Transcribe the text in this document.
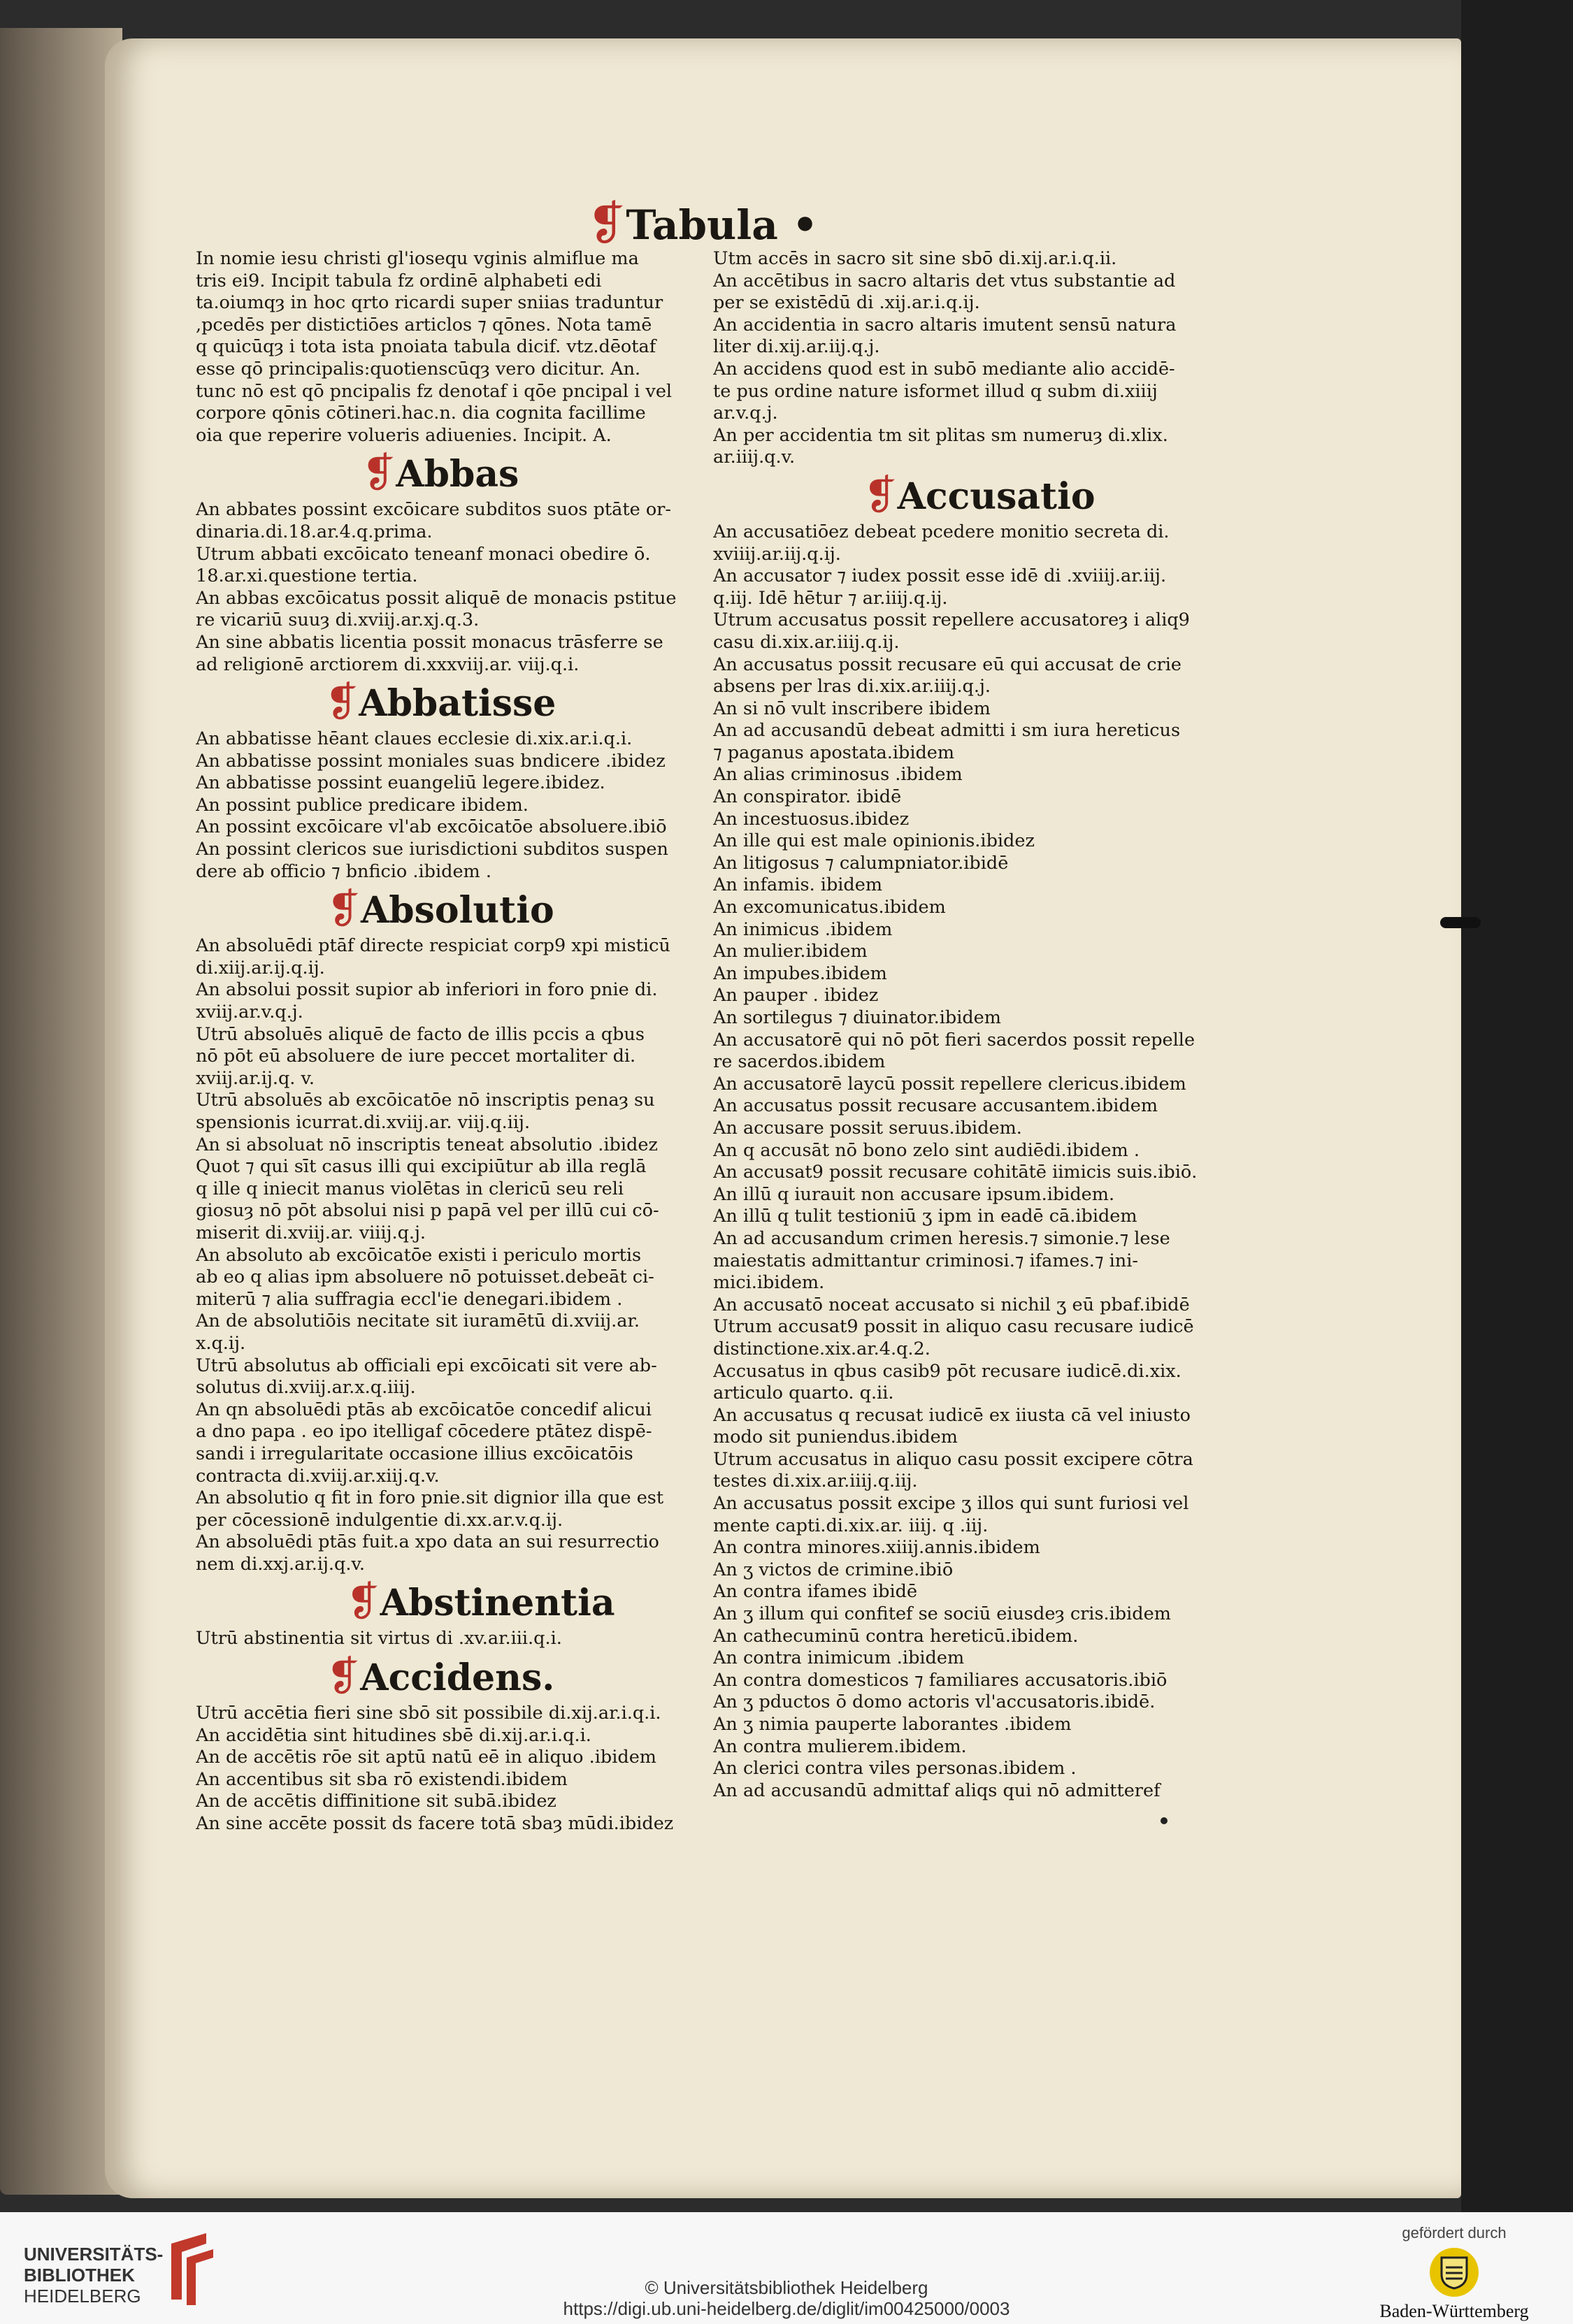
❡Tabula •
In nomie iesu christi gl'iosequ vginis almiflue ma
tris ei9. Incipit tabula fz ordinē alphabeti edi
ta.oiumqȝ in hoc qrto ricardi super sniias traduntur
,pcedēs per distictiōes articlos ⁊ qōnes. Nota tamē
q quicūqȝ i tota ista pnoiata tabula dicif. vtz.dēotaf
esse qō principalis:quotienscūqȝ vero dicitur. An.
tunc nō est qō pncipalis fz denotaf i qōe pncipal i vel
corpore qōnis cōtineri.hac.n. dia cognita facillime
oia que reperire volueris adiuenies. Incipit. A.
❡Abbas
An abbates possint excōicare subditos suos ptāte or-
dinaria.di.18.ar.4.q.prima.
Utrum abbati excōicato teneanf monaci obedire ō.
18.ar.xi.questione tertia.
An abbas excōicatus possit aliquē de monacis pstitue
re vicariū suuȝ di.xviij.ar.xj.q.3.
An sine abbatis licentia possit monacus trāsferre se
ad religionē arctiorem di.xxxviij.ar. viij.q.i.
❡Abbatisse
An abbatisse hēant claues ecclesie di.xix.ar.i.q.i.
An abbatisse possint moniales suas bndicere .ibidez
An abbatisse possint euangeliū legere.ibidez.
An possint publice predicare ibidem.
An possint excōicare vl'ab excōicatōe absoluere.ibiō
An possint clericos sue iurisdictioni subditos suspen
dere ab officio ⁊ bnficio .ibidem .
❡Absolutio
An absoluēdi ptāf directe respiciat corp9 xpi misticū
di.xiij.ar.ij.q.ij.
An absolui possit supior ab inferiori in foro pnie di.
xviij.ar.v.q.j.
Utrū absoluēs aliquē de facto de illis pccis a qbus
nō pōt eū absoluere de iure peccet mortaliter di.
xviij.ar.ij.q. v.
Utrū absoluēs ab excōicatōe nō inscriptis penaȝ su
spensionis icurrat.di.xviij.ar. viij.q.iij.
An si absoluat nō inscriptis teneat absolutio .ibidez
Quot ⁊ qui sīt casus illi qui excipiūtur ab illa reglā
q ille q iniecit manus violētas in clericū seu reli
giosuȝ nō pōt absolui nisi p papā vel per illū cui cō-
miserit di.xviij.ar. viiij.q.j.
An absoluto ab excōicatōe existi i periculo mortis
ab eo q alias ipm absoluere nō potuisset.debeāt ci-
miterū ⁊ alia suffragia eccl'ie denegari.ibidem .
An de absolutiōis necitate sit iuramētū di.xviij.ar.
x.q.ij.
Utrū absolutus ab officiali epi excōicati sit vere ab-
solutus di.xviij.ar.x.q.iiij.
An qn absoluēdi ptās ab excōicatōe concedif alicui
a dno papa . eo ipo itelligaf cōcedere ptātez dispē-
sandi i irregularitate occasione illius excōicatōis
contracta di.xviij.ar.xiij.q.v.
An absolutio q fit in foro pnie.sit dignior illa que est
per cōcessionē indulgentie di.xx.ar.v.q.ij.
An absoluēdi ptās fuit.a xpo data an sui resurrectio
nem di.xxj.ar.ij.q.v.
❡Abstinentia
Utrū abstinentia sit virtus di .xv.ar.iii.q.i.
❡Accidens.
Utrū accētia fieri sine sbō sit possibile di.xij.ar.i.q.i.
An accidētia sint hitudines sbē di.xij.ar.i.q.i.
An de accētis rōe sit aptū natū eē in aliquo .ibidem
An accentibus sit sba rō existendi.ibidem
An de accētis diffinitione sit subā.ibidez
An sine accēte possit ds facere totā sbaȝ mūdi.ibidez
Utm accēs in sacro sit sine sbō di.xij.ar.i.q.ii.
An accētibus in sacro altaris det vtus substantie ad
per se existēdū di .xij.ar.i.q.ij.
An accidentia in sacro altaris imutent sensū natura
liter di.xij.ar.iij.q.j.
An accidens quod est in subō mediante alio accidē-
te pus ordine nature isformet illud q subm di.xiiij
ar.v.q.j.
An per accidentia tm sit plitas sm numeruȝ di.xlix.
ar.iiij.q.v.
❡Accusatio
An accusatiōez debeat pcedere monitio secreta di.
xviiij.ar.iij.q.ij.
An accusator ⁊ iudex possit esse idē di .xviiij.ar.iij.
q.iij. Idē hētur ⁊ ar.iiij.q.ij.
Utrum accusatus possit repellere accusatoreȝ i aliq9
casu di.xix.ar.iiij.q.ij.
An accusatus possit recusare eū qui accusat de crie
absens per lras di.xix.ar.iiij.q.j.
An si nō vult inscribere ibidem
An ad accusandū debeat admitti i sm iura hereticus
⁊ paganus apostata.ibidem
An alias criminosus .ibidem
An conspirator. ibidē
An incestuosus.ibidez
An ille qui est male opinionis.ibidez
An litigosus ⁊ calumpniator.ibidē
An infamis. ibidem
An excomunicatus.ibidem
An inimicus .ibidem
An mulier.ibidem
An impubes.ibidem
An pauper . ibidez
An sortilegus ⁊ diuinator.ibidem
An accusatorē qui nō pōt fieri sacerdos possit repelle
re sacerdos.ibidem
An accusatorē laycū possit repellere clericus.ibidem
An accusatus possit recusare accusantem.ibidem
An accusare possit seruus.ibidem.
An q accusāt nō bono zelo sint audiēdi.ibidem .
An accusat9 possit recusare cohitātē iimicis suis.ibiō.
An illū q iurauit non accusare ipsum.ibidem.
An illū q tulit testioniū ʒ ipm in eadē cā.ibidem
An ad accusandum crimen heresis.⁊ simonie.⁊ lese
maiestatis admittantur criminosi.⁊ ifames.⁊ ini-
mici.ibidem.
An accusatō noceat accusato si nichil ʒ eū pbaf.ibidē
Utrum accusat9 possit in aliquo casu recusare iudicē
distinctione.xix.ar.4.q.2.
Accusatus in qbus casib9 pōt recusare iudicē.di.xix.
articulo quarto. q.ii.
An accusatus q recusat iudicē ex iiusta cā vel iniusto
modo sit puniendus.ibidem
Utrum accusatus in aliquo casu possit excipere cōtra
testes di.xix.ar.iiij.q.iij.
An accusatus possit excipe ʒ illos qui sunt furiosi vel
mente capti.di.xix.ar. iiij. q .iij.
An contra minores.xiiij.annis.ibidem
An ʒ victos de crimine.ibiō
An contra ifames ibidē
An ʒ illum qui confitef se sociū eiusdeȝ cris.ibidem
An cathecuminū contra hereticū.ibidem.
An contra inimicum .ibidem
An contra domesticos ⁊ familiares accusatoris.ibiō
An ʒ pductos ō domo actoris vl'accusatoris.ibidē.
An ʒ nimia pauperte laborantes .ibidem
An contra mulierem.ibidem.
An clerici contra viles personas.ibidem .
An ad accusandū admittaf aliqs qui nō admitteref
UNIVERSITÄTS-
BIBLIOTHEK
HEIDELBERG	© Universitätsbibliothek Heidelberg
https://digi.ub.uni-heidelberg.de/diglit/im00425000/0003
gefördert durch
Baden-Württemberg
